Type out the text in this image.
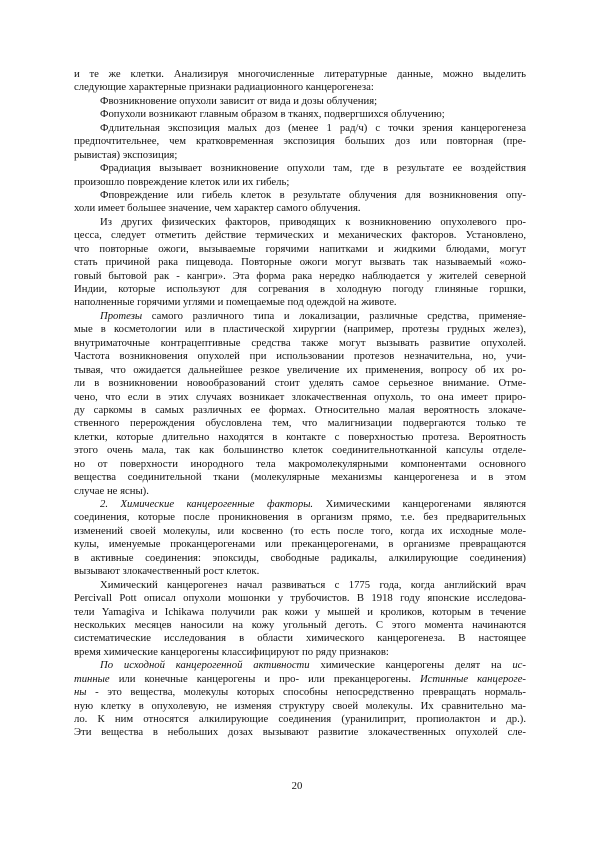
и те же клетки. Анализируя многочисленные литературные данные, можно выделить
следующие характерные признаки радиационного канцерогенеза:
Фвозникновение опухоли зависит от вида и дозы облучения;
Фопухоли возникают главным образом в тканях, подвергшихся облучению;
Фдлительная экспозиция малых доз (менее 1 рад/ч) с точки зрения канцерогенеза
предпочтительнее, чем кратковременная экспозиция больших доз или повторная (пре-
рывистая) экспозиция;
Фрадиация вызывает возникновение опухоли там, где в результате ее воздействия
произошло повреждение клеток или их гибель;
Фповреждение или гибель клеток в результате облучения для возникновения опу-
холи имеет большее значение, чем характер самого облучения.
Из других физических факторов, приводящих к возникновению опухолевого про-
цесса, следует отметить действие термических и механических факторов. Установлено,
что повторные ожоги, вызываемые горячими напитками и жидкими блюдами, могут
стать причиной рака пищевода. Повторные ожоги могут вызвать так называемый «ожо-
говый бытовой рак - кангри». Эта форма рака нередко наблюдается у жителей северной
Индии, которые используют для согревания в холодную погоду глиняные горшки,
наполненные горячими углями и помещаемые под одеждой на животе.
Протезы самого различного типа и локализации, различные средства, применяе-
мые в косметологии или в пластической хирургии (например, протезы грудных желез),
внутриматочные контрацептивные средства также могут вызывать развитие опухолей.
Частота возникновения опухолей при использовании протезов незначительна, но, учи-
тывая, что ожидается дальнейшее резкое увеличение их применения, вопросу об их ро-
ли в возникновении новообразований стоит уделять самое серьезное внимание. Отме-
чено, что если в этих случаях возникает злокачественная опухоль, то она имеет приро-
ду саркомы в самых различных ее формах. Относительно малая вероятность злокаче-
ственного перерождения обусловлена тем, что малигнизации подвергаются только те
клетки, которые длительно находятся в контакте с поверхностью протеза. Вероятность
этого очень мала, так как большинство клеток соединительнотканной капсулы отделе-
но от поверхности инородного тела макромолекулярными компонентами основного
вещества соединительной ткани (молекулярные механизмы канцерогенеза и в этом
случае не ясны).
2. Химические канцерогенные факторы. Химическими канцерогенами являются
соединения, которые после проникновения в организм прямо, т.е. без предварительных
изменений своей молекулы, или косвенно (то есть после того, когда их исходные моле-
кулы, именуемые проканцерогенами или преканцерогенами, в организме превращаются
в активные соединения: эпоксиды, свободные радикалы, алкилирующие соединения)
вызывают злокачественный рост клеток.
Химический канцерогенез начал развиваться с 1775 года, когда английский врач
Percivall Pott описал опухоли мошонки у трубочистов. В 1918 году японские исследова-
тели Yamagiva и Ichikawa получили рак кожи у мышей и кроликов, которым в течение
нескольких месяцев наносили на кожу угольный деготь. С этого момента начинаются
систематические исследования в области химического канцерогенеза. В настоящее
время химические канцерогены классифицируют по ряду признаков:
По исходной канцерогенной активности химические канцерогены делят на ис-
тинные или конечные канцерогены и про- или преканцерогены. Истинные канцероге-
ны - это вещества, молекулы которых способны непосредственно превращать нормаль-
ную клетку в опухолевую, не изменяя структуру своей молекулы. Их сравнительно ма-
ло. К ним относятся алкилирующие соединения (уранилиприт, пропиолактон и др.).
Эти вещества в небольших дозах вызывают развитие злокачественных опухолей сле-
20
